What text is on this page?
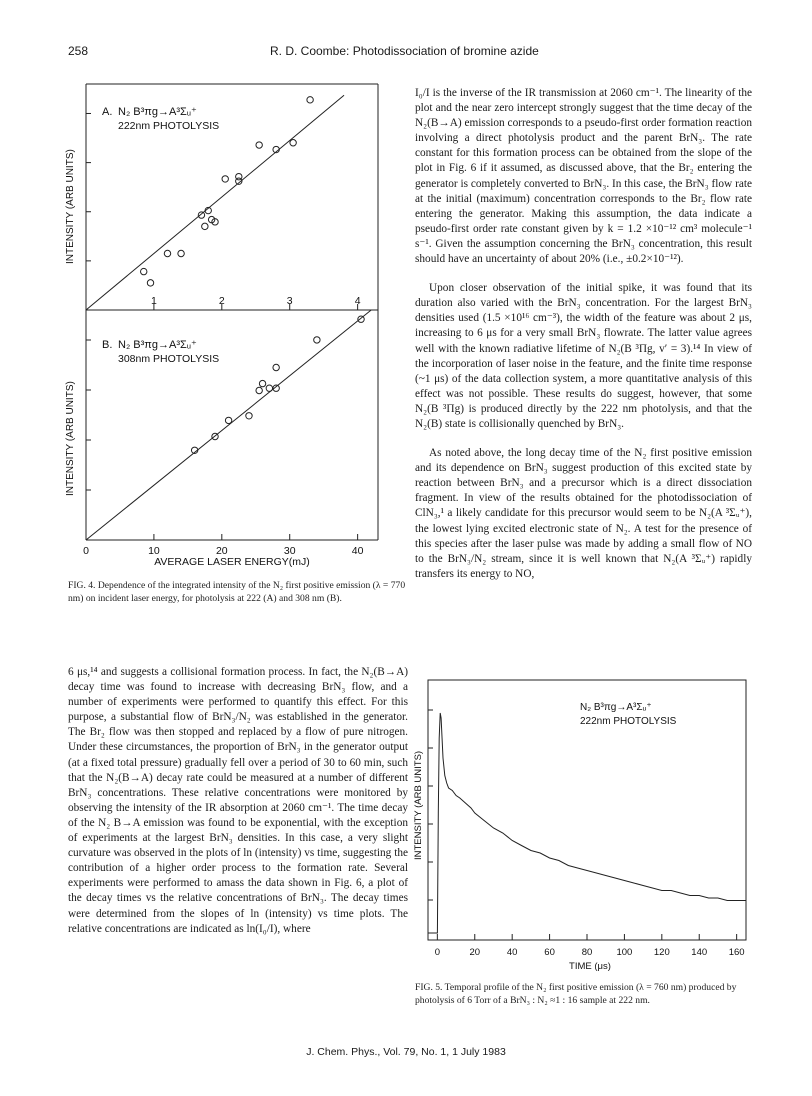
258	R. D. Coombe: Photodissociation of bromine azide
1	2	3	4
0	10	20	30	40
A. N₂ B³πg→A³Σᵤ⁺
222nm PHOTOLYSIS
B. N₂ B³πg→A³Σᵤ⁺
308nm PHOTOLYSIS
INTENSITY (ARB UNITS)
INTENSITY (ARB UNITS)
AVERAGE LASER ENERGY(mJ)
FIG. 4. Dependence of the integrated intensity of the N₂ first positive emission (λ = 770 nm) on incident laser energy, for photolysis at 222 (A) and 308 nm (B).
0	20	40	60	80	100 120 140 160
N₂ B³πg→A³Σᵤ⁺
222nm PHOTOLYSIS
INTENSITY (ARB UNITS)
TIME (μs)
FIG. 5. Temporal profile of the N₂ first positive emission (λ = 760 nm) produced by photolysis of 6 Torr of a BrN₃ : N₂ ≈1 : 16 sample at 222 nm.

6 μs,¹⁴ and suggests a collisional formation process. In fact, the N₂(B→A) decay time was found to increase with decreasing BrN₃ flow, and a number of experiments were performed to quantify this effect. For this purpose, a substantial flow of BrN₃/N₂ was established in the generator. The Br₂ flow was then stopped and replaced by a flow of pure nitrogen. Under these circumstances, the proportion of BrN₃ in the generator output (at a fixed total pressure) gradually fell over a period of 30 to 60 min, such that the N₂(B→A) decay rate could be measured at a number of different BrN₃ concentrations. These relative concentrations were monitored by observing the intensity of the IR absorption at 2060 cm⁻¹. The time decay of the N₂ B→A emission was found to be exponential, with the exception of experiments at the largest BrN₃ densities. In this case, a very slight curvature was observed in the plots of ln (intensity) vs time, suggesting the contribution of a higher order process to the formation rate. Several experiments were performed to amass the data shown in Fig. 6, a plot of the decay times vs the relative concentrations of BrN₃. The decay times were determined from the slopes of ln (intensity) vs time plots. The relative concentrations are indicated as ln(I₀/I), where

I₀/I is the inverse of the IR transmission at 2060 cm⁻¹. The linearity of the plot and the near zero intercept strongly suggest that the time decay of the N₂(B→A) emission corresponds to a pseudo-first order formation reaction involving a direct photolysis product and the parent BrN₃. The rate constant for this formation process can be obtained from the slope of the plot in Fig. 6 if it assumed, as discussed above, that the Br₂ entering the generator is completely converted to BrN₃. In this case, the BrN₃ flow rate at the initial (maximum) concentration corresponds to the Br₂ flow rate entering the generator. Making this assumption, the data indicate a pseudo-first order rate constant given by k = 1.2 ×10⁻¹² cm³ molecule⁻¹ s⁻¹. Given the assumption concerning the BrN₃ concentration, this result should have an uncertainty of about 20% (i.e., ±0.2×10⁻¹²).

Upon closer observation of the initial spike, it was found that its duration also varied with the BrN₃ concentration. For the largest BrN₃ densities used (1.5 ×10¹⁶ cm⁻³), the width of the feature was about 2 μs, increasing to 6 μs for a very small BrN₃ flowrate. The latter value agrees well with the known radiative lifetime of N₂(B ³Πg, v′ = 3).¹⁴ In view of the incorporation of laser noise in the feature, and the finite time response (~1 μs) of the data collection system, a more quantitative analysis of this effect was not possible. These results do suggest, however, that some N₂(B ³Πg) is produced directly by the 222 nm photolysis, and that the N₂(B) state is collisionally quenched by BrN₃.

As noted above, the long decay time of the N₂ first positive emission and its dependence on BrN₃ suggest production of this excited state by reaction between BrN₃ and a precursor which is a direct dissociation fragment. In view of the results obtained for the photodissociation of ClN₃,¹ a likely candidate for this precursor would seem to be N₂(A ³Σᵤ⁺), the lowest lying excited electronic state of N₂. A test for the presence of this species after the laser pulse was made by adding a small flow of NO to the BrN₃/N₂ stream, since it is well known that N₂(A ³Σᵤ⁺) rapidly transfers its energy to NO,

J. Chem. Phys., Vol. 79, No. 1, 1 July 1983
